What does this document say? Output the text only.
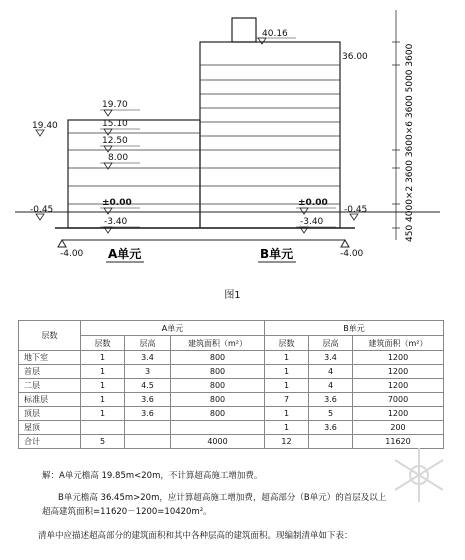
19.70
15.10
12.50
8.00
±0.00
-3.40
40.16
36.00
±0.00
-3.40
19.40
-0.45
-4.00
-0.45
-4.00
A单元	B单元
450 4000×2 3600 3600×6 3600 5000 3600
图1
层数	A单元			B单元		
	层数	层高	建筑面积（m²）	层数	层高	建筑面积（m²）
地下室	1	3.4	800	1	3.4	1200
首层	1	3	800	1	4	1200
二层	1	4.5	800	1	4	1200
标准层	1	3.6	800	7	3.6	7000
顶层	1	3.6	800	1	5	1200
屋顶				1	3.6	200
合计	5		4000	12		11620
解：A单元檐高 19.85m<20m，不计算超高施工增加费。
B单元檐高 36.45m>20m，应计算超高施工增加费，超高部分（B单元）的首层及以上
超高建筑面积=11620－1200=10420m²。
清单中应描述超高部分的建筑面积和其中各种层高的建筑面积。现编制清单如下表：
